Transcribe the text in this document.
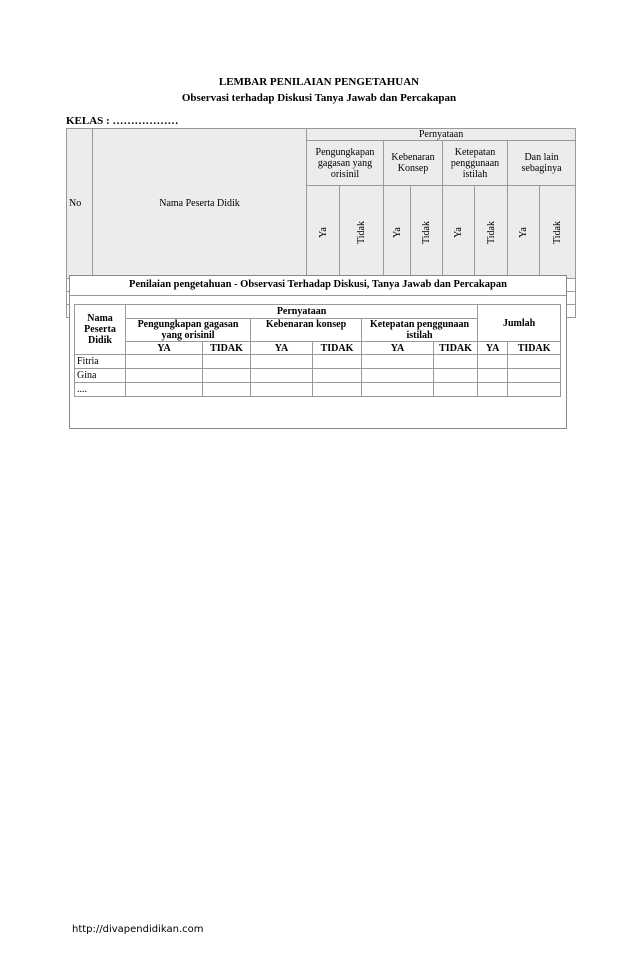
LEMBAR PENILAIAN PENGETAHUAN
Observasi terhadap Diskusi Tanya Jawab dan Percakapan
KELAS : ………………
No	Nama Peserta Didik	Pernyataan							
		Pengungkapan gagasan yang orisinil		Kebenaran Konsep		Ketepatan penggunaan istilah		Dan lain sebaginya	
		Ya	Tidak	Ya	Tidak	Ya	Tidak	Ya	Tidak

Penilaian pengetahuan - Observasi Terhadap Diskusi, Tanya Jawab dan Percakapan
Nama Peserta Didik	Pernyataan						Jumlah	
	Pengungkapan gagasan yang orisinil		Kebenaran konsep		Ketepatan penggunaan istilah			
	YA	TIDAK	YA	TIDAK	YA	TIDAK	YA	TIDAK
Fitria								
Gina								
....								
http://divapendidikan.com
